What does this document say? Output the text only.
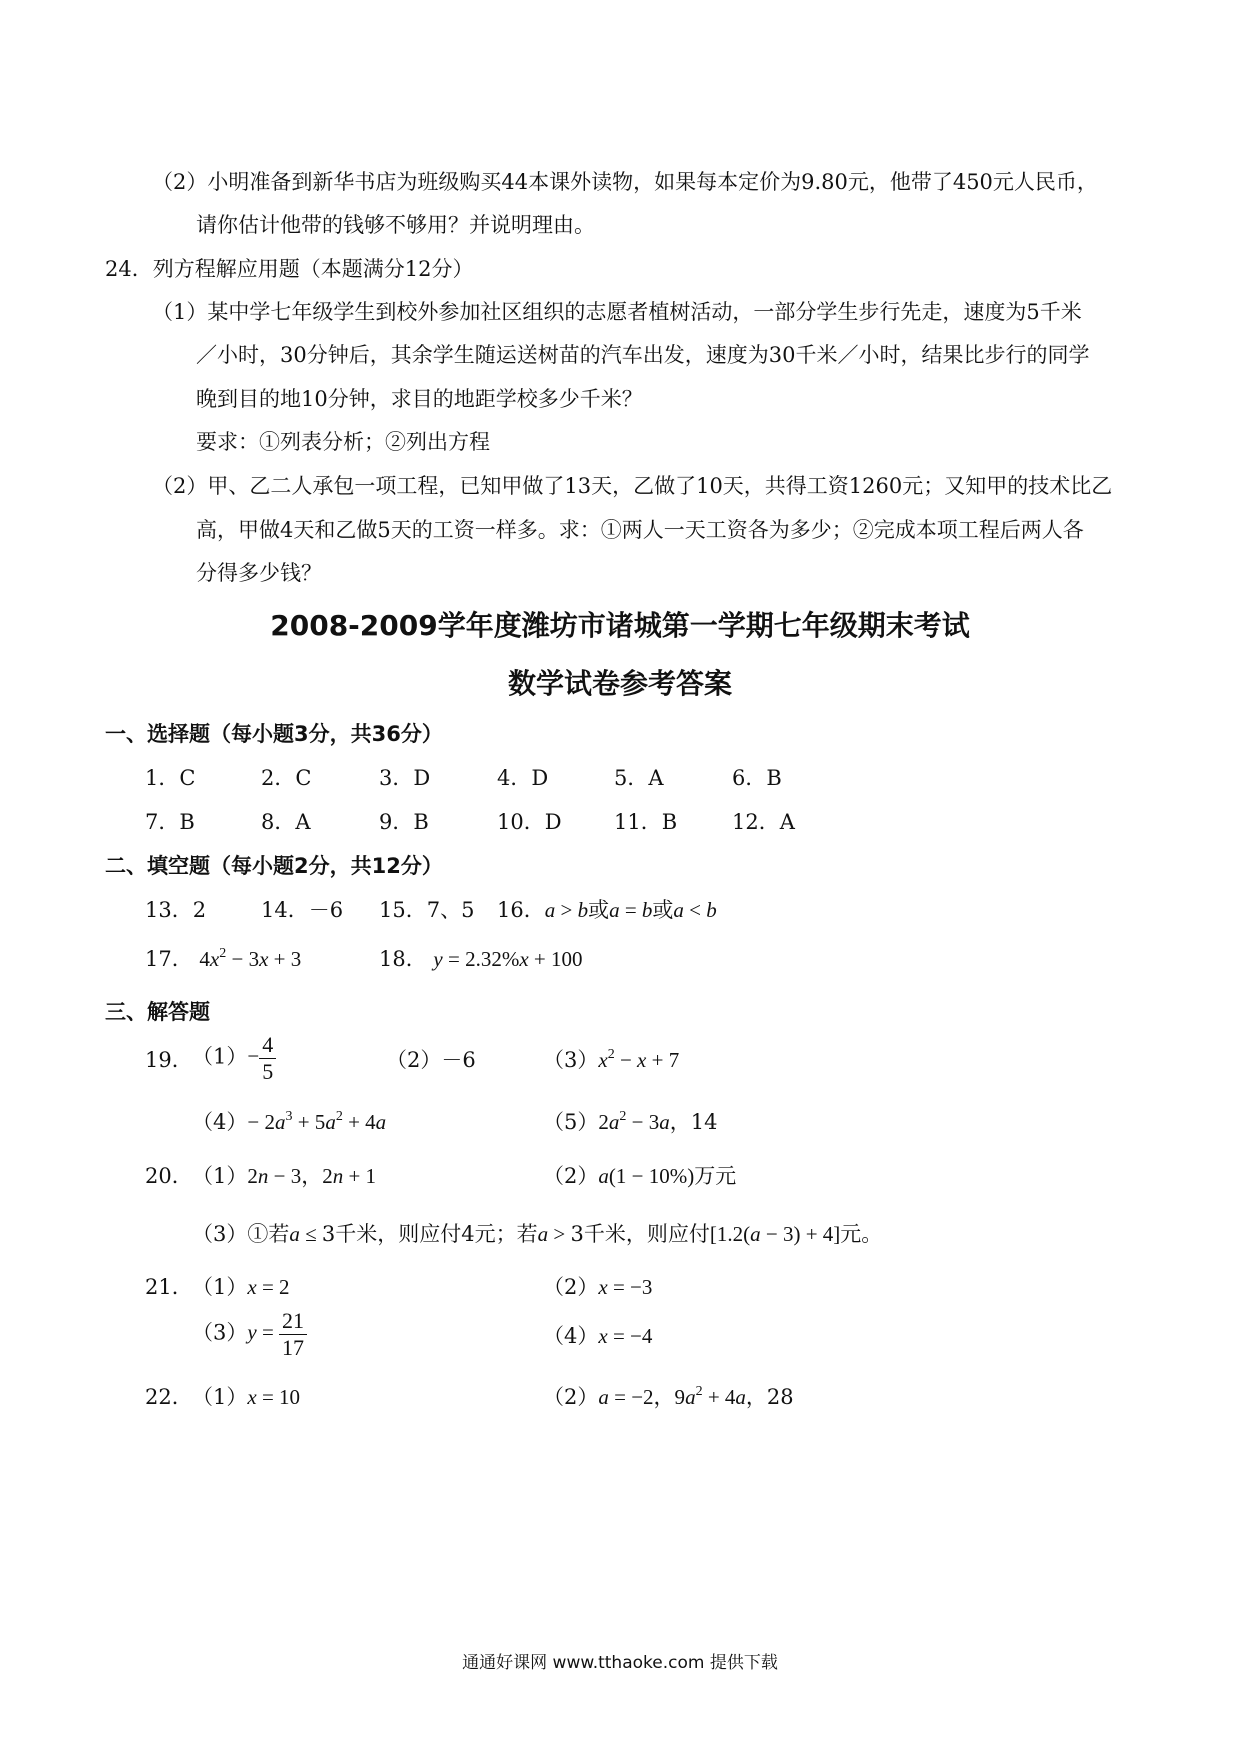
（2）小明准备到新华书店为班级购买44本课外读物，如果每本定价为9.80元，他带了450元人民币，
请你估计他带的钱够不够用？并说明理由。
24．列方程解应用题（本题满分12分）
（1）某中学七年级学生到校外参加社区组织的志愿者植树活动，一部分学生步行先走，速度为5千米
／小时，30分钟后，其余学生随运送树苗的汽车出发，速度为30千米／小时，结果比步行的同学
晚到目的地10分钟，求目的地距学校多少千米？
要求：①列表分析；②列出方程
（2）甲、乙二人承包一项工程，已知甲做了13天，乙做了10天，共得工资1260元；又知甲的技术比乙
高，甲做4天和乙做5天的工资一样多。求：①两人一天工资各为多少；②完成本项工程后两人各
分得多少钱？
2008-2009学年度潍坊市诸城第一学期七年级期末考试
数学试卷参考答案
一、选择题（每小题3分，共36分）
1．C	2．C	3．D	4．D	5．A	6．B
7．B	8．A	9．B	10．D 11．B	12．A
二、填空题（每小题2分，共12分）
13．2	14．－6 15．7、5 16．a > b或a = b或a < b
17． $4x^2 - 3x + 3$	18． y = 2.32%x + 100
三、解答题
19． $(1)- \frac{4}{5}$	（2）－6	$(3)x^2 - x + 7$
$(4)- 2a^3 + 5a^2 + 4a$	$(5)2a^2 - 3a$，14
20． （1）2n − 3，2n + 1	（2）a(1 − 10%)万元
（3）①若a ≤ 3千米，则应付4元；若a > 3千米，则应付[1.2(a − 3) + 4]元。
21． （1）x = 2	（2）x = −3
$(3)y = \frac{21}{17}$	（4）x = −4
22． （1）x = 10	（2）a = −2，$9a^2 + 4a$，28
通通好课网 www.tthaoke.com 提供下载
